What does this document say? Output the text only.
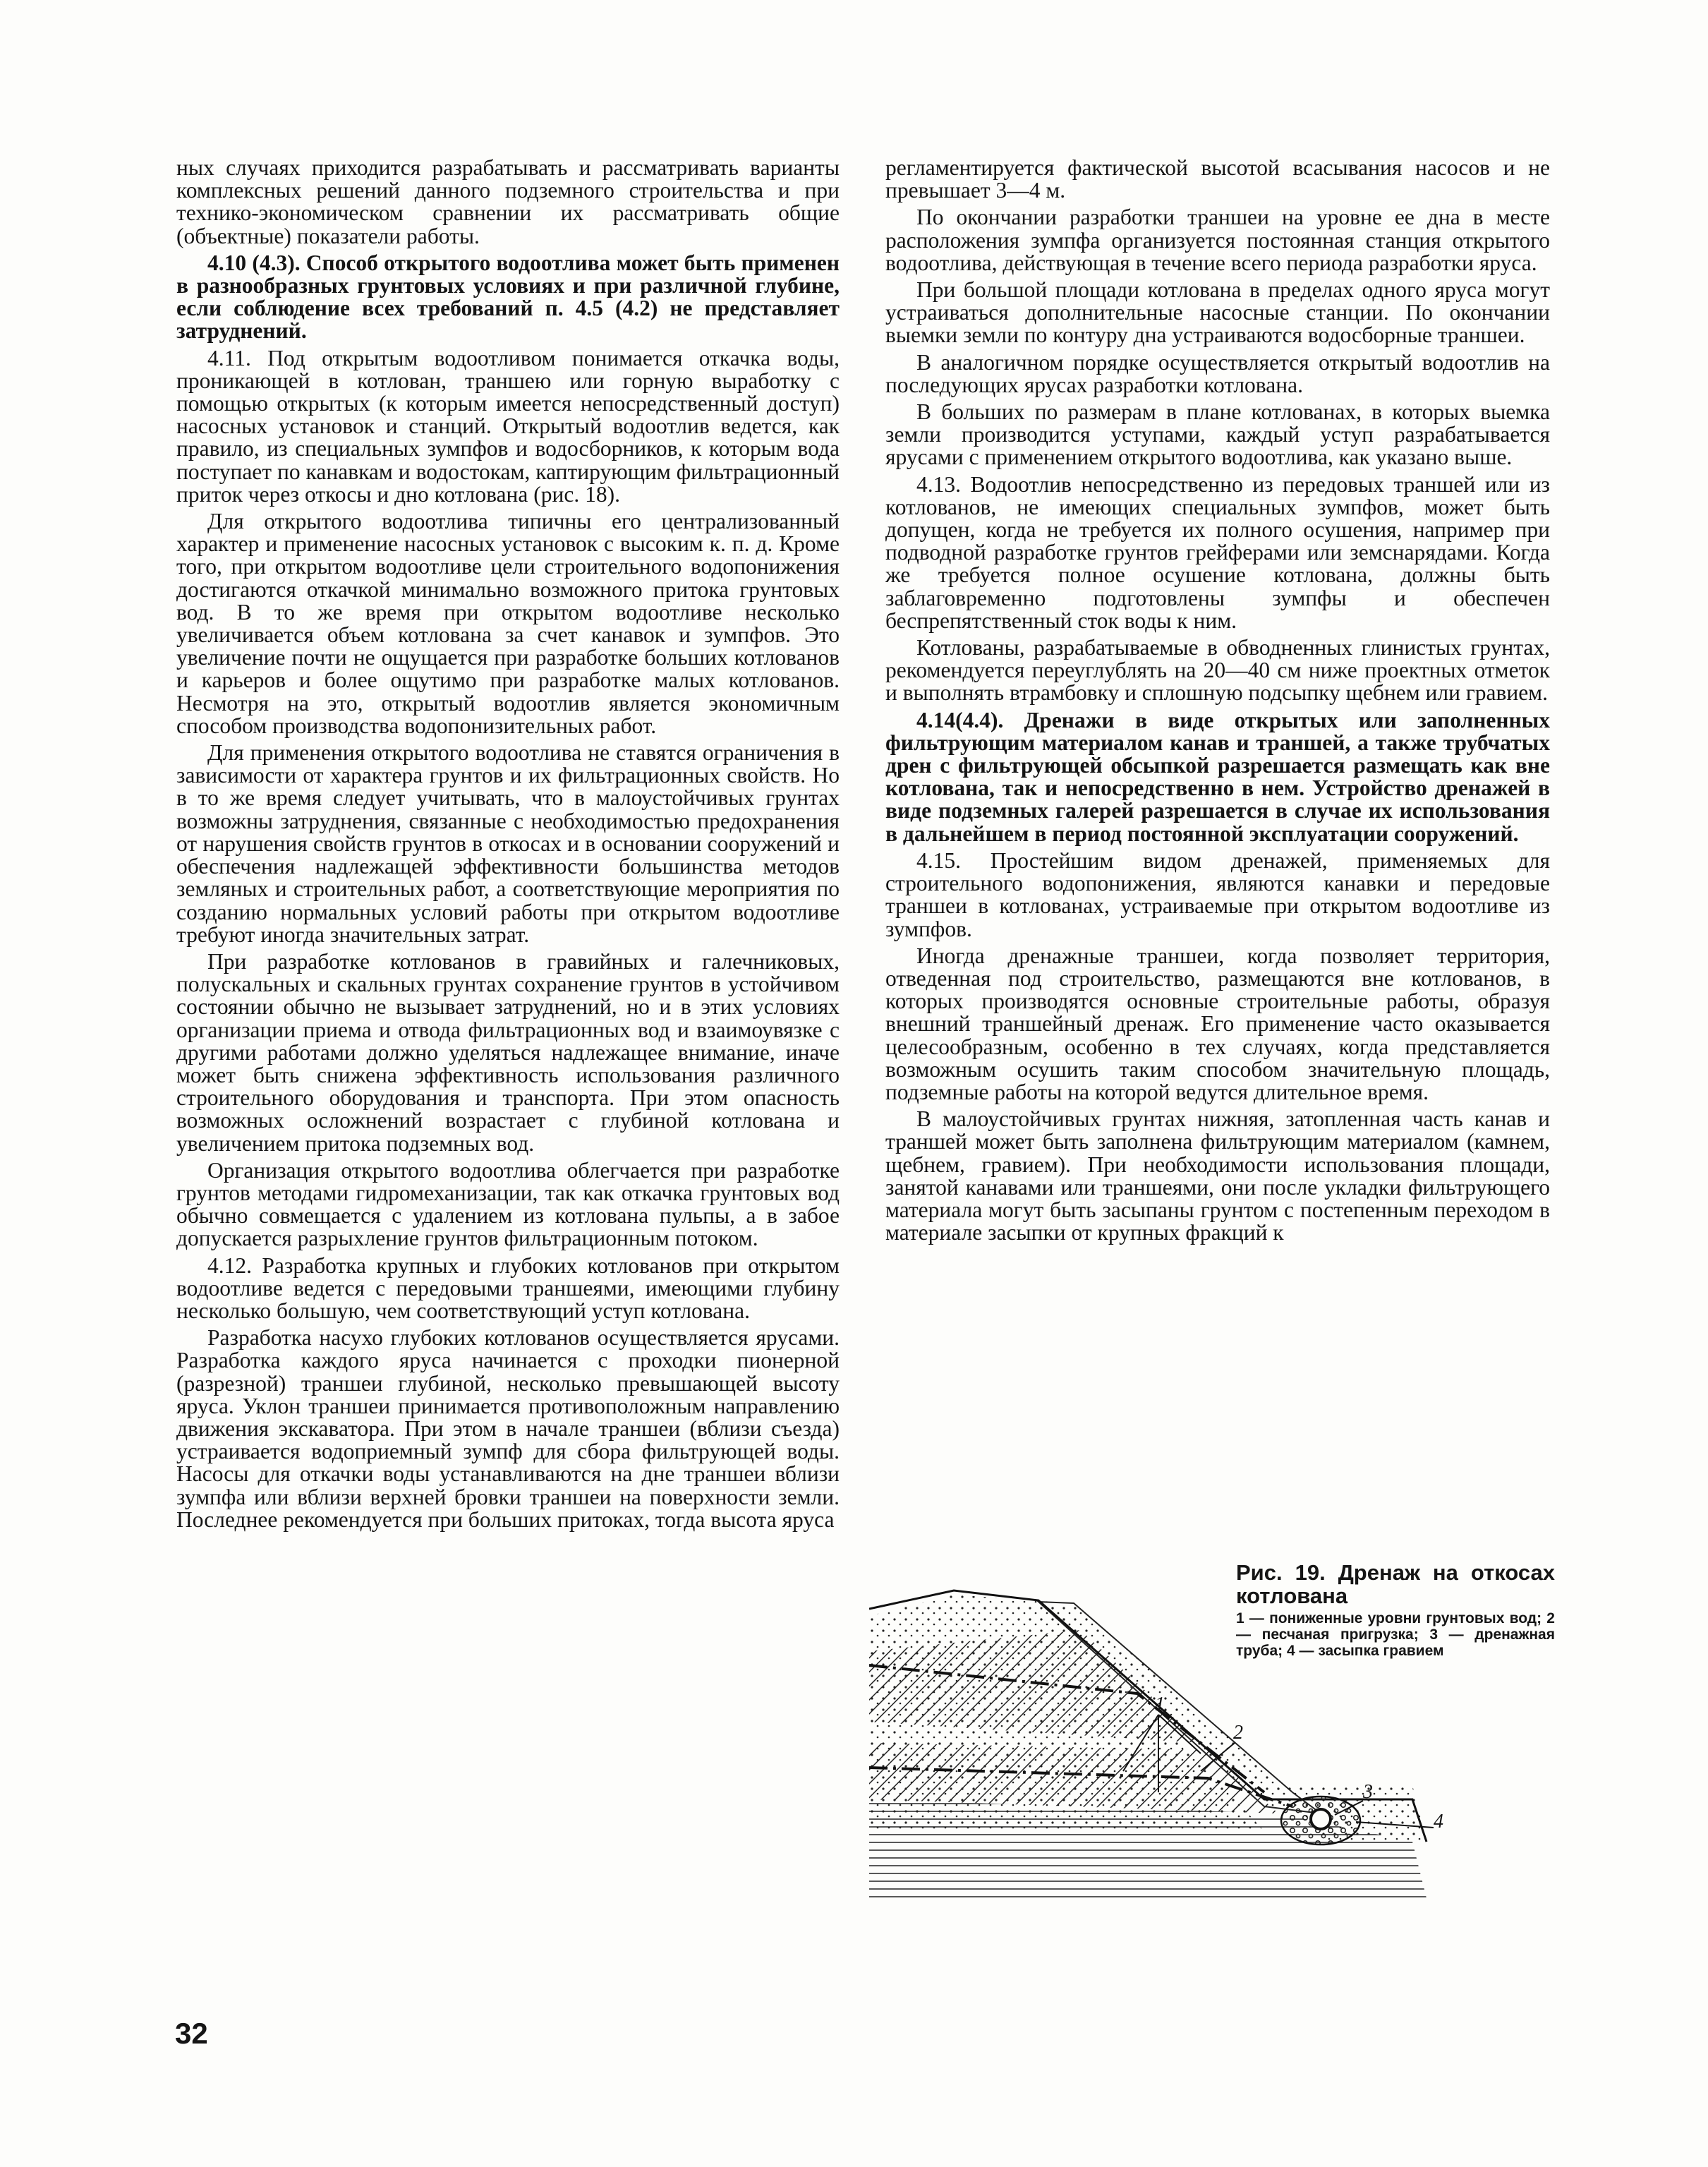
ных случаях приходится разрабатывать и рассматривать варианты комплексных решений данного подземного строительства и при технико-экономическом сравнении их рассматривать общие (объектные) показатели работы.

4.10 (4.3). Способ открытого водоотлива может быть применен в разнообразных грунтовых условиях и при различной глубине, если соблюдение всех требований п. 4.5 (4.2) не представляет затруднений.

4.11. Под открытым водоотливом понимается откачка воды, проникающей в котлован, траншею или горную выработку с помощью открытых (к которым имеется непосредственный доступ) насосных установок и станций. Открытый водоотлив ведется, как правило, из специальных зумпфов и водосборников, к которым вода поступает по канавкам и водостокам, каптирующим фильтрационный приток через откосы и дно котлована (рис. 18).

Для открытого водоотлива типичны его централизованный характер и применение насосных установок с высоким к. п. д. Кроме того, при открытом водоотливе цели строительного водопонижения достигаются откачкой минимально возможного притока грунтовых вод. В то же время при открытом водоотливе несколько увеличивается объем котлована за счет канавок и зумпфов. Это увеличение почти не ощущается при разработке больших котлованов и карьеров и более ощутимо при разработке малых котлованов. Несмотря на это, открытый водоотлив является экономичным способом производства водопонизительных работ.

Для применения открытого водоотлива не ставятся ограничения в зависимости от характера грунтов и их фильтрационных свойств. Но в то же время следует учитывать, что в малоустойчивых грунтах возможны затруднения, связанные с необходимостью предохранения от нарушения свойств грунтов в откосах и в основании сооружений и обеспечения надлежащей эффективности большинства методов земляных и строительных работ, а соответствующие мероприятия по созданию нормальных условий работы при открытом водоотливе требуют иногда значительных затрат.

При разработке котлованов в гравийных и галечниковых, полускальных и скальных грунтах сохранение грунтов в устойчивом состоянии обычно не вызывает затруднений, но и в этих условиях организации приема и отвода фильтрационных вод и взаимоувязке с другими работами должно уделяться надлежащее внимание, иначе может быть снижена эффективность использования различного строительного оборудования и транспорта. При этом опасность возможных осложнений возрастает с глубиной котлована и увеличением притока подземных вод.

Организация открытого водоотлива облегчается при разработке грунтов методами гидромеханизации, так как откачка грунтовых вод обычно совмещается с удалением из котлована пульпы, а в забое допускается разрыхление грунтов фильтрационным потоком.

4.12. Разработка крупных и глубоких котлованов при открытом водоотливе ведется с передовыми траншеями, имеющими глубину несколько большую, чем соответствующий уступ котлована.

Разработка насухо глубоких котлованов осуществляется ярусами. Разработка каждого яруса начинается с проходки пионерной (разрезной) траншеи глубиной, несколько превышающей высоту яруса. Уклон траншеи принимается противоположным направлению движения экскаватора. При этом в начале траншеи (вблизи съезда) устраивается водоприемный зумпф для сбора фильтрующей воды. Насосы для откачки воды устанавливаются на дне траншеи вблизи зумпфа или вблизи верхней бровки траншеи на поверхности земли. Последнее рекомендуется при больших притоках, тогда высота яруса

регламентируется фактической высотой всасывания насосов и не превышает 3—4 м.

По окончании разработки траншеи на уровне ее дна в месте расположения зумпфа организуется постоянная станция открытого водоотлива, действующая в течение всего периода разработки яруса.

При большой площади котлована в пределах одного яруса могут устраиваться дополнительные насосные станции. По окончании выемки земли по контуру дна устраиваются водосборные траншеи.

В аналогичном порядке осуществляется открытый водоотлив на последующих ярусах разработки котлована.

В больших по размерам в плане котлованах, в которых выемка земли производится уступами, каждый уступ разрабатывается ярусами с применением открытого водоотлива, как указано выше.

4.13. Водоотлив непосредственно из передовых траншей или из котлованов, не имеющих специальных зумпфов, может быть допущен, когда не требуется их полного осушения, например при подводной разработке грунтов грейферами или земснарядами. Когда же требуется полное осушение котлована, должны быть заблаговременно подготовлены зумпфы и обеспечен беспрепятственный сток воды к ним.

Котлованы, разрабатываемые в обводненных глинистых грунтах, рекомендуется переуглублять на 20—40 см ниже проектных отметок и выполнять втрамбовку и сплошную подсыпку щебнем или гравием.

4.14(4.4). Дренажи в виде открытых или заполненных фильтрующим материалом канав и траншей, а также трубчатых дрен с фильтрующей обсыпкой разрешается размещать как вне котлована, так и непосредственно в нем. Устройство дренажей в виде подземных галерей разрешается в случае их использования в дальнейшем в период постоянной эксплуатации сооружений.

4.15. Простейшим видом дренажей, применяемых для строительного водопонижения, являются канавки и передовые траншеи в котлованах, устраиваемые при открытом водоотливе из зумпфов.

Иногда дренажные траншеи, когда позволяет территория, отведенная под строительство, размещаются вне котлованов, в которых производятся основные строительные работы, образуя внешний траншейный дренаж. Его применение часто оказывается целесообразным, особенно в тех случаях, когда представляется возможным осушить таким способом значительную площадь, подземные работы на которой ведутся длительное время.

В малоустойчивых грунтах нижняя, затопленная часть канав и траншей может быть заполнена фильтрующим материалом (камнем, щебнем, гравием). При необходимости использования площади, занятой канавами или траншеями, они после укладки фильтрующего материала могут быть засыпаны грунтом с постепенным переходом в материале засыпки от крупных фракций к

1
2
3
4
Рис. 19. Дренаж на откосах котлована
1 — пониженные уровни грунтовых вод; 2 — песчаная пригрузка; 3 — дренажная труба; 4 — засыпка гравием
32
